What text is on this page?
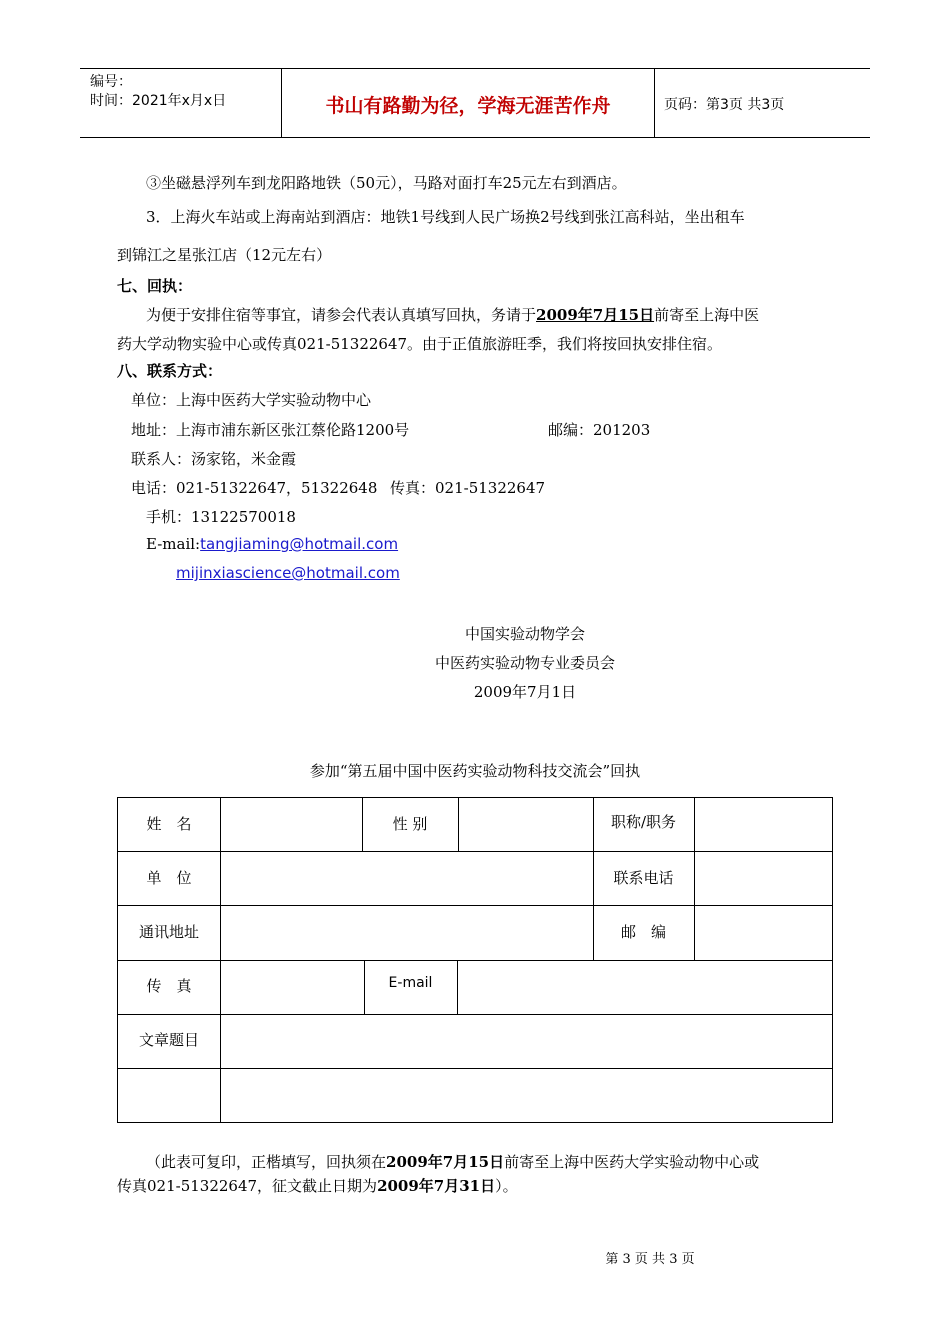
编号：
时间：2021年x月x日	书山有路勤为径，学海无涯苦作舟	页码：第3页 共3页
③坐磁悬浮列车到龙阳路地铁（50元），马路对面打车25元左右到酒店。
3．上海火车站或上海南站到酒店：地铁1号线到人民广场换2号线到张江高科站，坐出租车
到锦江之星张江店（12元左右）
七、回执：
为便于安排住宿等事宜，请参会代表认真填写回执，务请于2009年7月15日前寄至上海中医
药大学动物实验中心或传真021-51322647。由于正值旅游旺季，我们将按回执安排住宿。
八、联系方式：
单位：上海中医药大学实验动物中心
地址：上海市浦东新区张江蔡伦路1200号	邮编：201203
联系人：汤家铭，米金霞
电话：021-51322647，51322648 传真：021-51322647
手机：13122570018
E-mail:tangjiaming@hotmail.com
mijinxiascience@hotmail.com
中国实验动物学会
中医药实验动物专业委员会
2009年7月1日
参加“第五届中国中医药实验动物科技交流会”回执
姓　名	性 别	职称/职务
单　位	联系电话
通讯地址	邮　编
传　真	E-mail
文章题目
（此表可复印，正楷填写，回执须在2009年7月15日前寄至上海中医药大学实验动物中心或
传真021-51322647，征文截止日期为2009年7月31日）。
第 3 页 共 3 页
